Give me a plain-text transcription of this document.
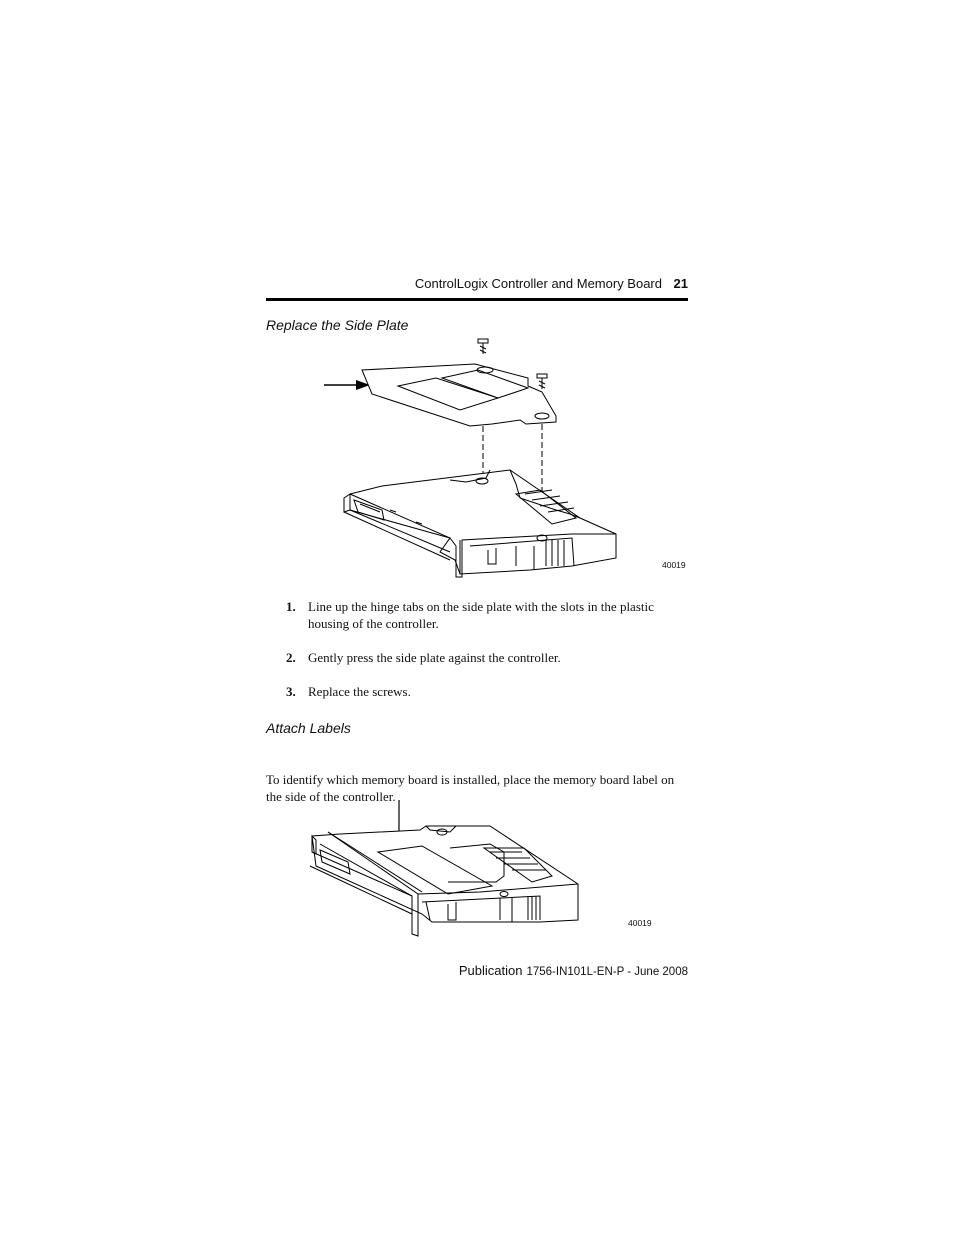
ControlLogix Controller and Memory Board 21
Replace the Side Plate
40019
1. Line up the hinge tabs on the side plate with the slots in the plastic housing of the controller.
2. Gently press the side plate against the controller.
3. Replace the screws.
Attach Labels

To identify which memory board is installed, place the memory board label on the side of the controller.

40019
Publication 1756-IN101L-EN-P - June 2008
